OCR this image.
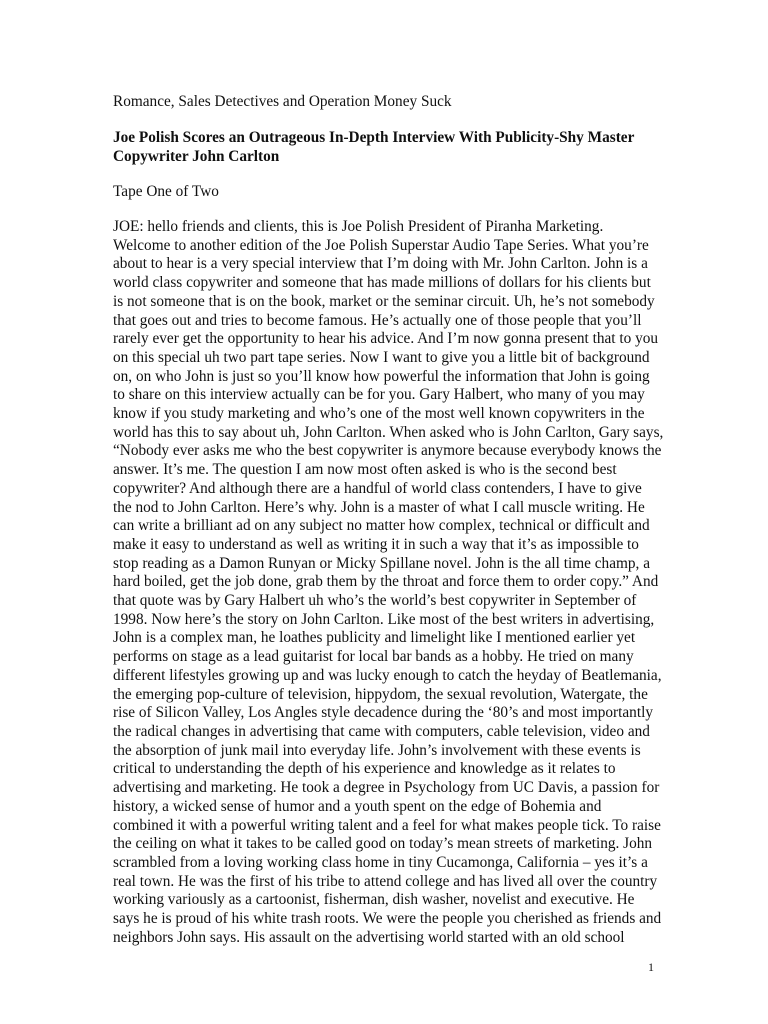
Romance, Sales Detectives and Operation Money Suck
Joe Polish Scores an Outrageous In-Depth Interview With Publicity-Shy Master
Copywriter John Carlton
Tape One of Two
JOE: hello friends and clients, this is Joe Polish President of Piranha Marketing.
Welcome to another edition of the Joe Polish Superstar Audio Tape Series. What you’re
about to hear is a very special interview that I’m doing with Mr. John Carlton. John is a
world class copywriter and someone that has made millions of dollars for his clients but
is not someone that is on the book, market or the seminar circuit. Uh, he’s not somebody
that goes out and tries to become famous. He’s actually one of those people that you’ll
rarely ever get the opportunity to hear his advice. And I’m now gonna present that to you
on this special uh two part tape series. Now I want to give you a little bit of background
on, on who John is just so you’ll know how powerful the information that John is going
to share on this interview actually can be for you. Gary Halbert, who many of you may
know if you study marketing and who’s one of the most well known copywriters in the
world has this to say about uh, John Carlton. When asked who is John Carlton, Gary says,
“Nobody ever asks me who the best copywriter is anymore because everybody knows the
answer. It’s me. The question I am now most often asked is who is the second best
copywriter? And although there are a handful of world class contenders, I have to give
the nod to John Carlton. Here’s why. John is a master of what I call muscle writing. He
can write a brilliant ad on any subject no matter how complex, technical or difficult and
make it easy to understand as well as writing it in such a way that it’s as impossible to
stop reading as a Damon Runyan or Micky Spillane novel. John is the all time champ, a
hard boiled, get the job done, grab them by the throat and force them to order copy.” And
that quote was by Gary Halbert uh who’s the world’s best copywriter in September of
1998. Now here’s the story on John Carlton. Like most of the best writers in advertising,
John is a complex man, he loathes publicity and limelight like I mentioned earlier yet
performs on stage as a lead guitarist for local bar bands as a hobby. He tried on many
different lifestyles growing up and was lucky enough to catch the heyday of Beatlemania,
the emerging pop-culture of television, hippydom, the sexual revolution, Watergate, the
rise of Silicon Valley, Los Angles style decadence during the ‘80’s and most importantly
the radical changes in advertising that came with computers, cable television, video and
the absorption of junk mail into everyday life. John’s involvement with these events is
critical to understanding the depth of his experience and knowledge as it relates to
advertising and marketing. He took a degree in Psychology from UC Davis, a passion for
history, a wicked sense of humor and a youth spent on the edge of Bohemia and
combined it with a powerful writing talent and a feel for what makes people tick. To raise
the ceiling on what it takes to be called good on today’s mean streets of marketing. John
scrambled from a loving working class home in tiny Cucamonga, California – yes it’s a
real town. He was the first of his tribe to attend college and has lived all over the country
working variously as a cartoonist, fisherman, dish washer, novelist and executive. He
says he is proud of his white trash roots. We were the people you cherished as friends and
neighbors John says. His assault on the advertising world started with an old school
1
